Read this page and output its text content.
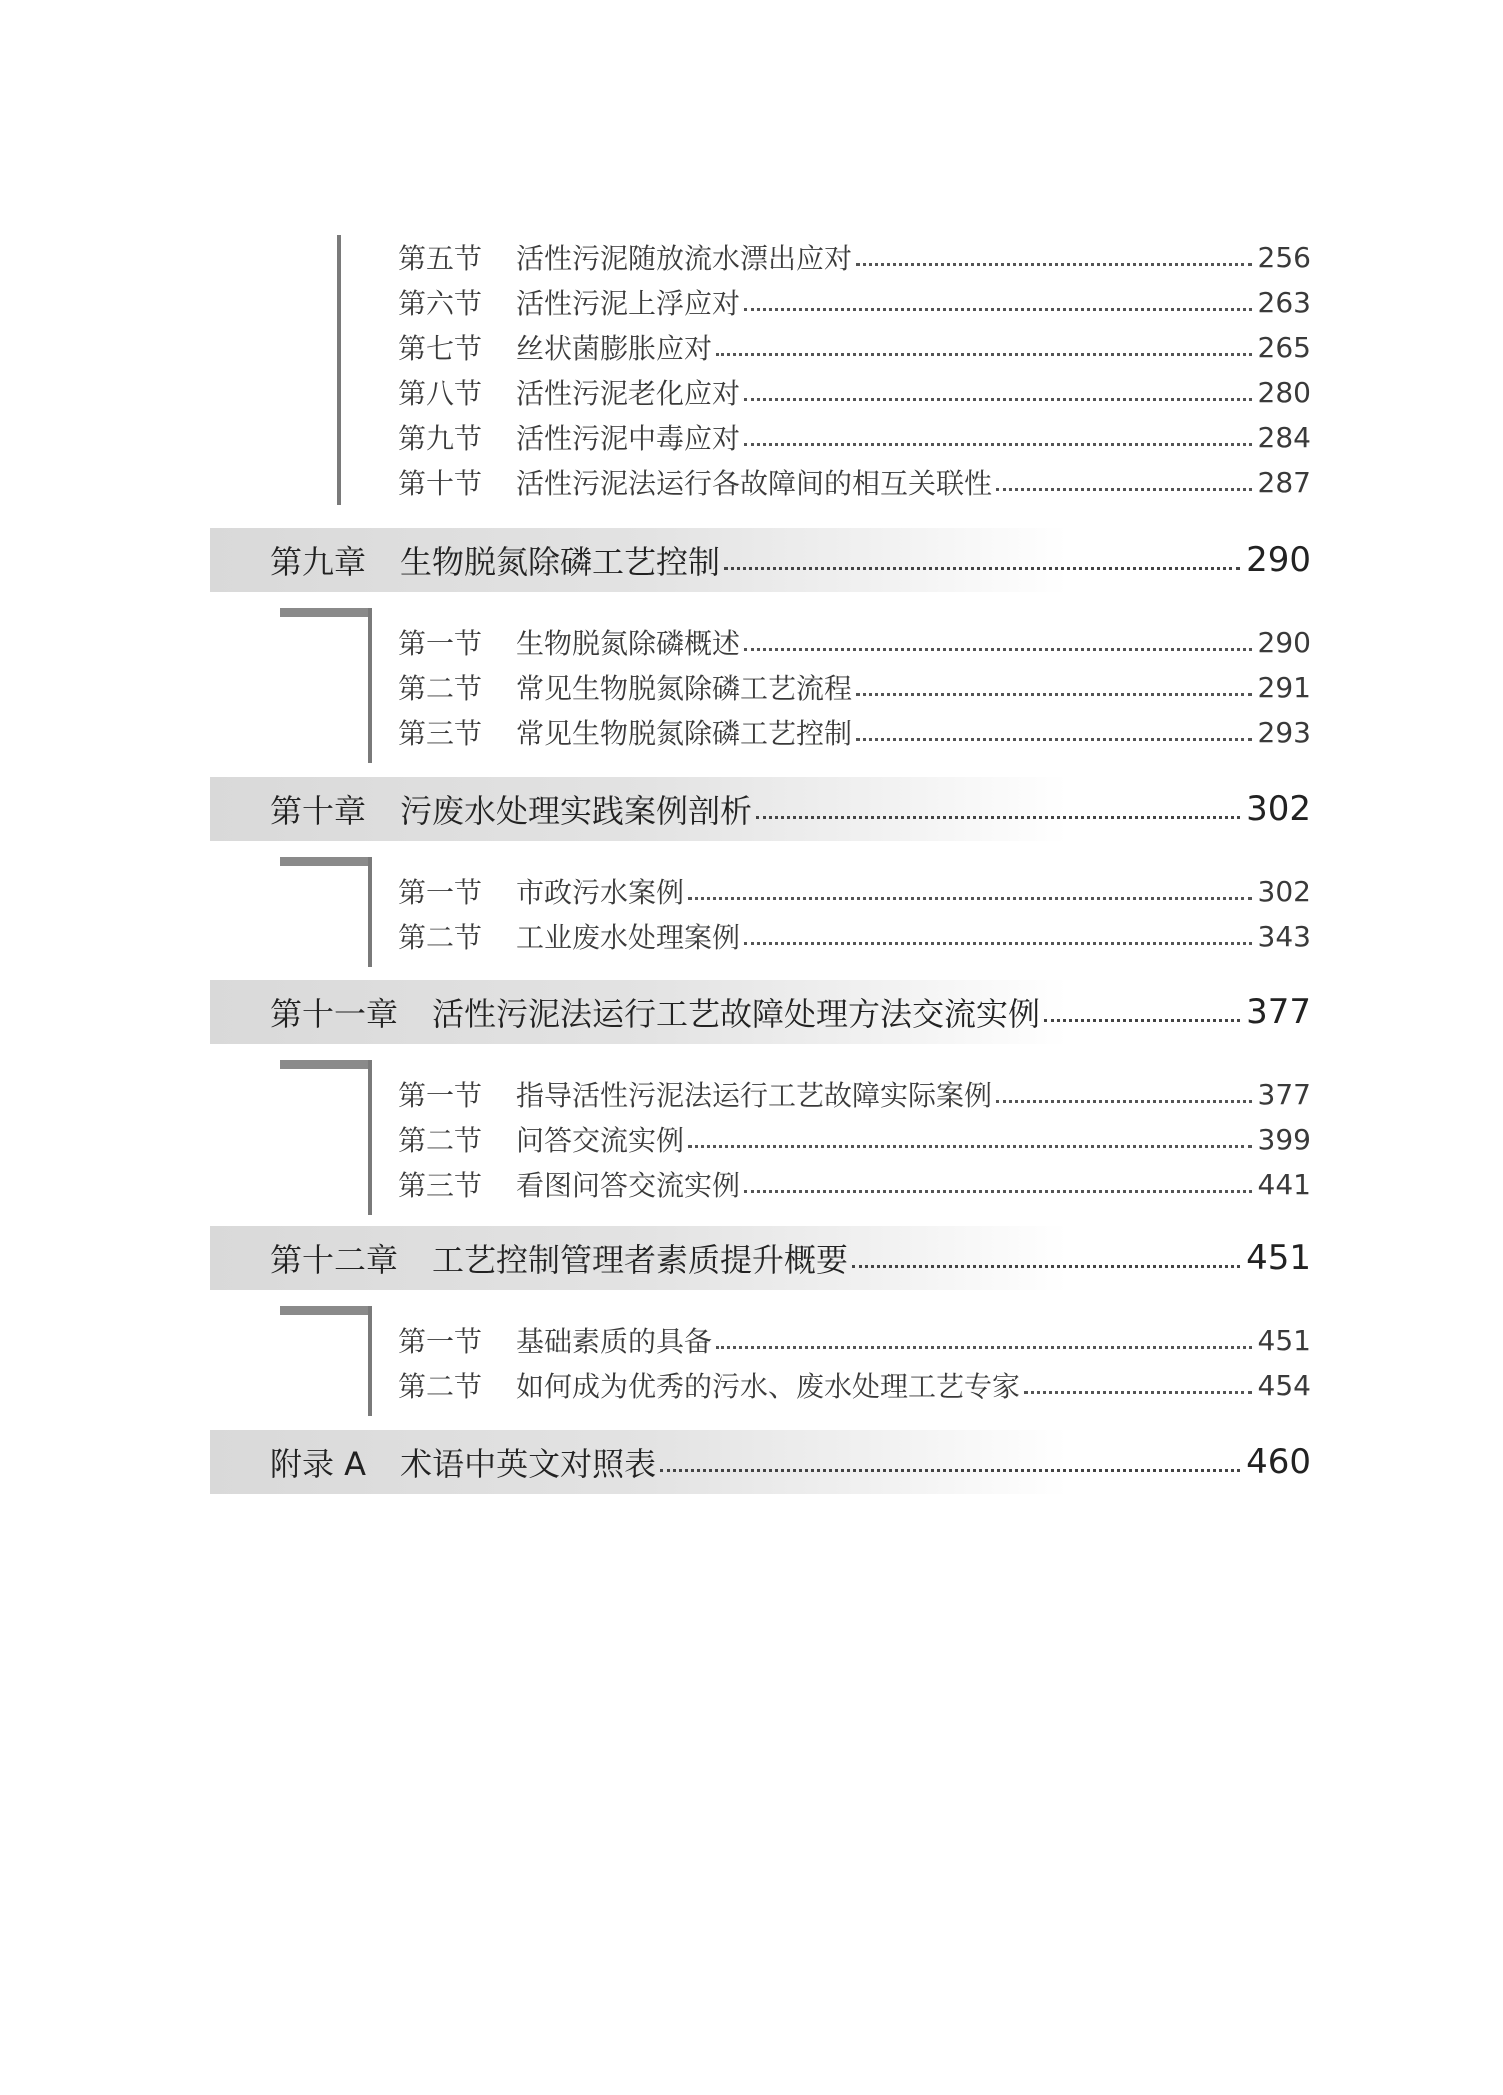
第五节	活性污泥随放流水漂出应对	256
第六节	活性污泥上浮应对	263
第七节	丝状菌膨胀应对	265
第八节	活性污泥老化应对	280
第九节	活性污泥中毒应对	284
第十节	活性污泥法运行各故障间的相互关联性	287
第九章 生物脱氮除磷工艺控制	290
第一节	生物脱氮除磷概述	290
第二节	常见生物脱氮除磷工艺流程	291
第三节	常见生物脱氮除磷工艺控制	293
第十章 污废水处理实践案例剖析	302
第一节	市政污水案例	302
第二节	工业废水处理案例	343
第十一章 活性污泥法运行工艺故障处理方法交流实例	377
第一节	指导活性污泥法运行工艺故障实际案例	377
第二节	问答交流实例	399
第三节	看图问答交流实例	441
第十二章 工艺控制管理者素质提升概要	451
第一节	基础素质的具备	451
第二节	如何成为优秀的污水、废水处理工艺专家	454
附录 A 术语中英文对照表	460
